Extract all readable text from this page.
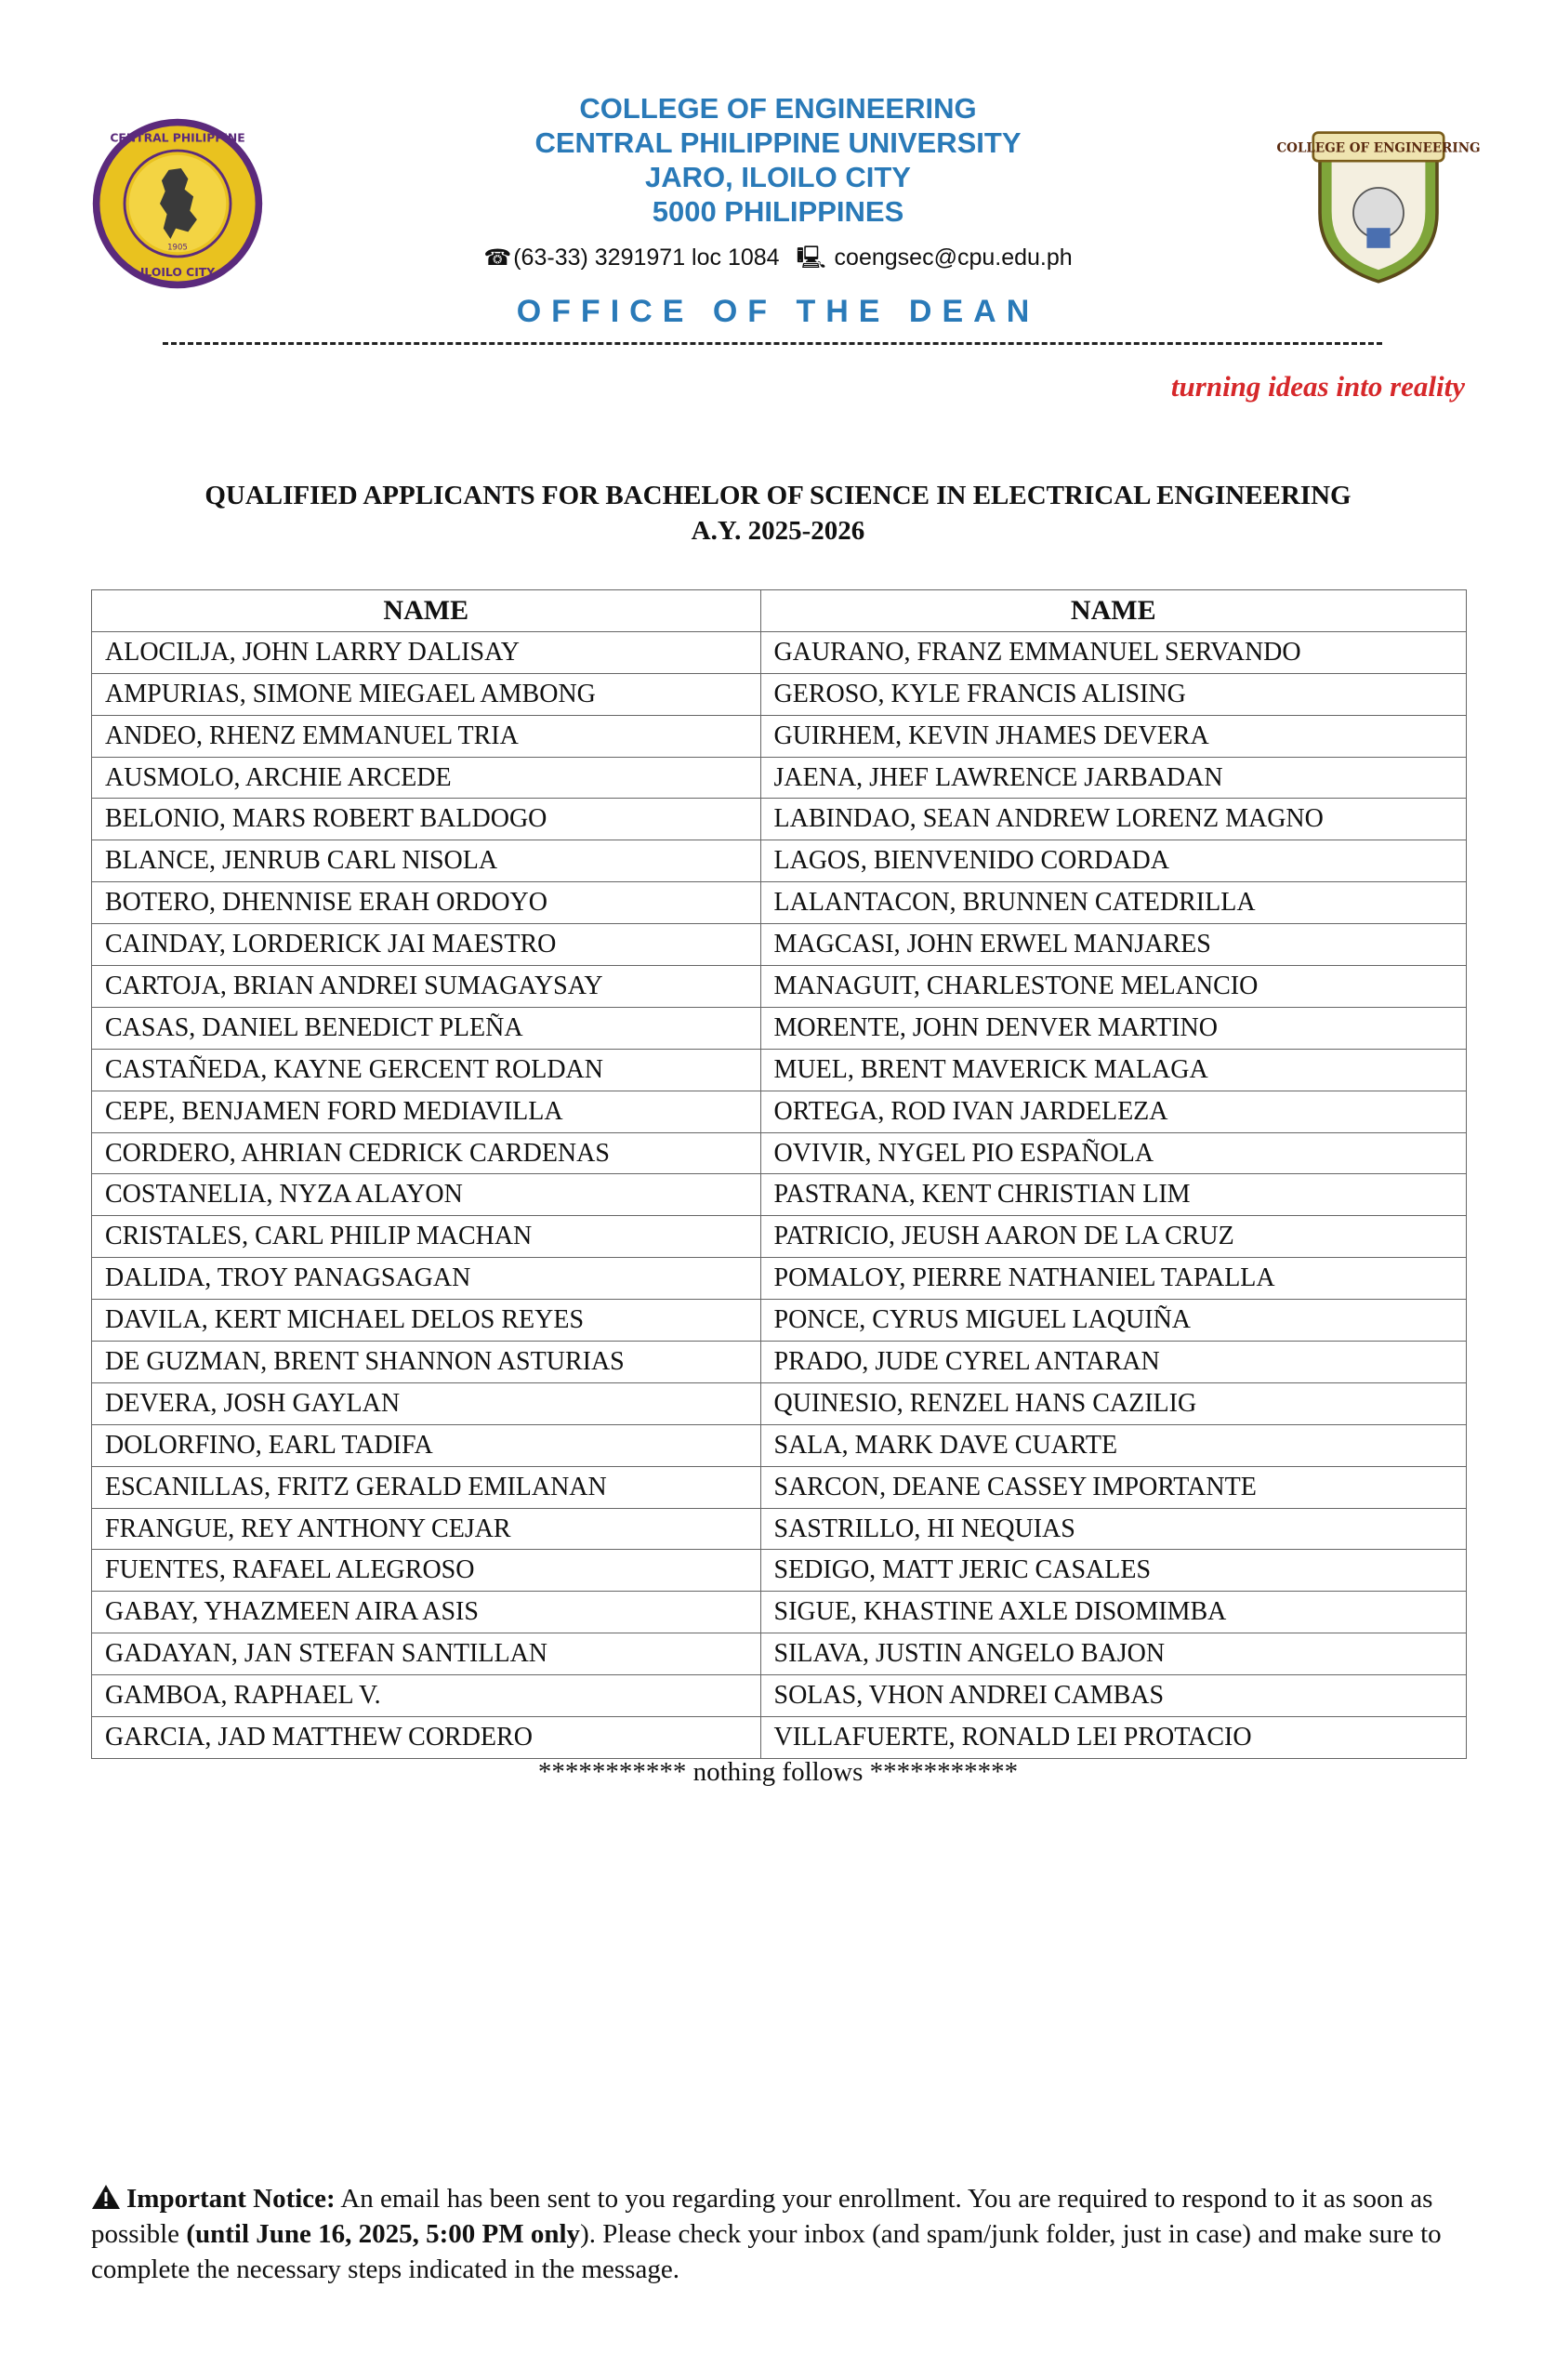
CENTRAL PHILIPPINE
ILOILO CITY
1905
COLLEGE OF ENGINEERING
CENTRAL PHILIPPINE UNIVERSITY
JARO, ILOILO CITY
5000 PHILIPPINES
☎(63-33) 3291971 loc 1084 🖳 coengsec@cpu.edu.ph
OFFICE OF THE DEAN
COLLEGE OF ENGINEERING
turning ideas into reality
QUALIFIED APPLICANTS FOR BACHELOR OF SCIENCE IN ELECTRICAL ENGINEERING
A.Y. 2025-2026
NAME	NAME
ALOCILJA, JOHN LARRY DALISAY	GAURANO, FRANZ EMMANUEL SERVANDO
AMPURIAS, SIMONE MIEGAEL AMBONG	GEROSO, KYLE FRANCIS ALISING
ANDEO, RHENZ EMMANUEL TRIA	GUIRHEM, KEVIN JHAMES DEVERA
AUSMOLO, ARCHIE ARCEDE	JAENA, JHEF LAWRENCE JARBADAN
BELONIO, MARS ROBERT BALDOGO	LABINDAO, SEAN ANDREW LORENZ MAGNO
BLANCE, JENRUB CARL NISOLA	LAGOS, BIENVENIDO CORDADA
BOTERO, DHENNISE ERAH ORDOYO	LALANTACON, BRUNNEN CATEDRILLA
CAINDAY, LORDERICK JAI MAESTRO	MAGCASI, JOHN ERWEL MANJARES
CARTOJA, BRIAN ANDREI SUMAGAYSAY	MANAGUIT, CHARLESTONE MELANCIO
CASAS, DANIEL BENEDICT PLEÑA	MORENTE, JOHN DENVER MARTINO
CASTAÑEDA, KAYNE GERCENT ROLDAN	MUEL, BRENT MAVERICK MALAGA
CEPE, BENJAMEN FORD MEDIAVILLA	ORTEGA, ROD IVAN JARDELEZA
CORDERO, AHRIAN CEDRICK CARDENAS	OVIVIR, NYGEL PIO ESPAÑOLA
COSTANELIA, NYZA ALAYON	PASTRANA, KENT CHRISTIAN LIM
CRISTALES, CARL PHILIP MACHAN	PATRICIO, JEUSH AARON DE LA CRUZ
DALIDA, TROY PANAGSAGAN	POMALOY, PIERRE NATHANIEL TAPALLA
DAVILA, KERT MICHAEL DELOS REYES	PONCE, CYRUS MIGUEL LAQUIÑA
DE GUZMAN, BRENT SHANNON ASTURIAS	PRADO, JUDE CYREL ANTARAN
DEVERA, JOSH GAYLAN	QUINESIO, RENZEL HANS CAZILIG
DOLORFINO, EARL TADIFA	SALA, MARK DAVE CUARTE
ESCANILLAS, FRITZ GERALD EMILANAN	SARCON, DEANE CASSEY IMPORTANTE
FRANGUE, REY ANTHONY CEJAR	SASTRILLO, HI NEQUIAS
FUENTES, RAFAEL ALEGROSO	SEDIGO, MATT JERIC CASALES
GABAY, YHAZMEEN AIRA ASIS	SIGUE, KHASTINE AXLE DISOMIMBA
GADAYAN, JAN STEFAN SANTILLAN	SILAVA, JUSTIN ANGELO BAJON
GAMBOA, RAPHAEL V.	SOLAS, VHON ANDREI CAMBAS
GARCIA, JAD MATTHEW CORDERO	VILLAFUERTE, RONALD LEI PROTACIO
*********** nothing follows ***********
Important Notice: An email has been sent to you regarding your enrollment. You are required to respond to it as soon as possible (until June 16, 2025, 5:00 PM only). Please check your inbox (and spam/junk folder, just in case) and make sure to complete the necessary steps indicated in the message.
